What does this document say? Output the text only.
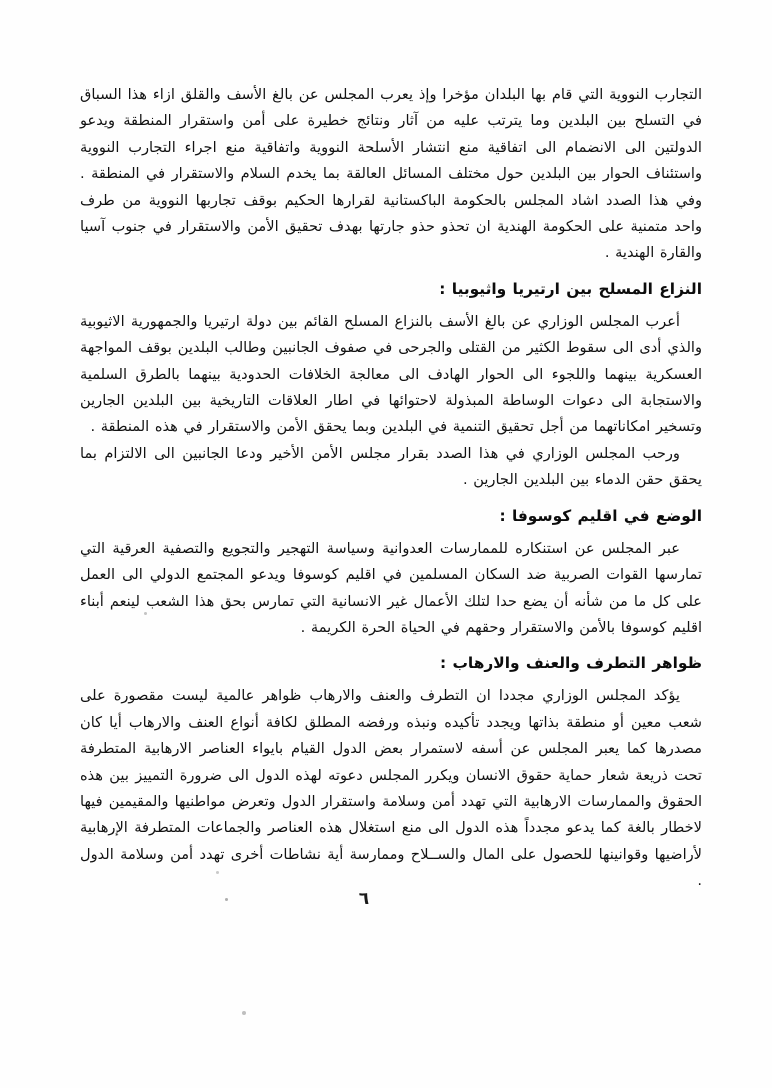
التجارب النووية التي قام بها البلدان مؤخرا وإذ يعرب المجلس عن بالغ الأسف والقلق ازاء هذا السباق في التسلح بين البلدين وما يترتب عليه من آثار ونتائج خطيرة على أمن واستقرار المنطقة ويدعو الدولتين الى الانضمام الى اتفاقية منع انتشار الأسلحة النووية واتفاقية منع اجراء التجارب النووية واستئناف الحوار بين البلدين حول مختلف المسائل العالقة بما يخدم السلام والاستقرار في المنطقة . وفي هذا الصدد اشاد المجلس بالحكومة الباكستانية لقرارها الحكيم بوقف تجاربها النووية من طرف واحد متمنية على الحكومة الهندية ان تحذو حذو جارتها بهدف تحقيق الأمن والاستقرار في جنوب آسيا والقارة الهندية .

النزاع المسلح بين ارتيريا واثيوبيا :

أعرب المجلس الوزاري عن بالغ الأسف بالنزاع المسلح القائم بين دولة ارتيريا والجمهورية الاثيوبية والذي أدى الى سقوط الكثير من القتلى والجرحى في صفوف الجانبين وطالب البلدين بوقف المواجهة العسكرية بينهما واللجوء الى الحوار الهادف الى معالجة الخلافات الحدودية بينهما بالطرق السلمية والاستجابة الى دعوات الوساطة المبذولة لاحتوائها في اطار العلاقات التاريخية بين البلدين الجارين وتسخير امكاناتهما من أجل تحقيق التنمية في البلدين وبما يحقق الأمن والاستقرار في هذه المنطقة .

ورحب المجلس الوزاري في هذا الصدد بقرار مجلس الأمن الأخير ودعا الجانبين الى الالتزام بما يحقق حقن الدماء بين البلدين الجارين .

الوضع في اقليم كوسوفا :

عبر المجلس عن استنكاره للممارسات العدوانية وسياسة التهجير والتجويع والتصفية العرقية التي تمارسها القوات الصربية ضد السكان المسلمين في اقليم كوسوفا ويدعو المجتمع الدولي الى العمل على كل ما من شأنه أن يضع حدا لتلك الأعمال غير الانسانية التي تمارس بحق هذا الشعب لينعم أبناء اقليم كوسوفا بالأمن والاستقرار وحقهم في الحياة الحرة الكريمة .

ظواهر التطرف والعنف والارهاب :

يؤكد المجلس الوزاري مجددا ان التطرف والعنف والارهاب ظواهر عالمية ليست مقصورة على شعب معين أو منطقة بذاتها ويجدد تأكيده ونبذه ورفضه المطلق لكافة أنواع العنف والارهاب أيا كان مصدرها كما يعبر المجلس عن أسفه لاستمرار بعض الدول القيام بايواء العناصر الارهابية المتطرفة تحت ذريعة شعار حماية حقوق الانسان ويكرر المجلس دعوته لهذه الدول الى ضرورة التمييز بين هذه الحقوق والممارسات الارهابية التي تهدد أمن وسلامة واستقرار الدول وتعرض مواطنيها والمقيمين فيها لاخطار بالغة كما يدعو مجدداً هذه الدول الى منع استغلال هذه العناصر والجماعات المتطرفة الإرهابية لأراضيها وقوانينها للحصول على المال والســلاح وممارسة أية نشاطات أخرى تهدد أمن وسلامة الدول .

٦
